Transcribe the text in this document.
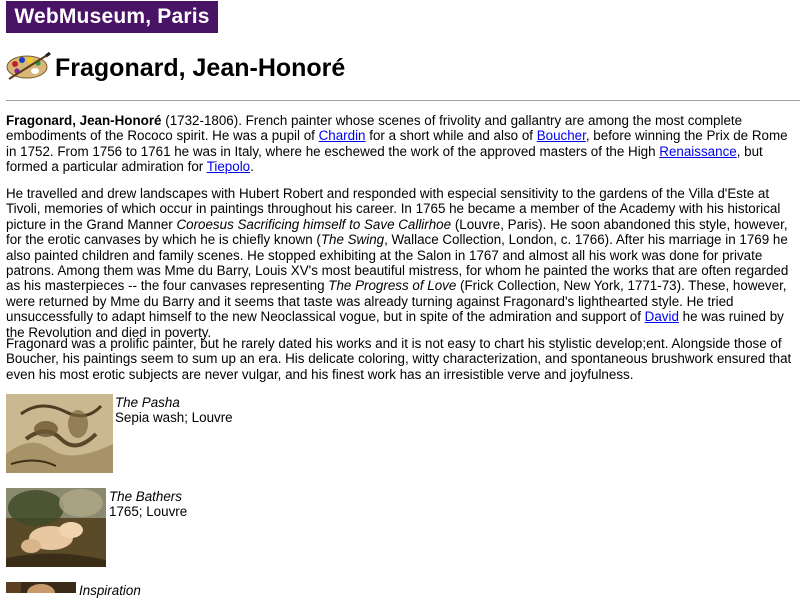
WebMuseum, Paris
Fragonard, Jean-Honoré

Fragonard, Jean-Honoré (1732-1806). French painter whose scenes of frivolity and gallantry are among the most complete embodiments of the Rococo spirit. He was a pupil of Chardin for a short while and also of Boucher, before winning the Prix de Rome in 1752. From 1756 to 1761 he was in Italy, where he eschewed the work of the approved masters of the High Renaissance, but formed a particular admiration for Tiepolo.

He travelled and drew landscapes with Hubert Robert and responded with especial sensitivity to the gardens of the Villa d'Este at Tivoli, memories of which occur in paintings throughout his career. In 1765 he became a member of the Academy with his historical picture in the Grand Manner Coroesus Sacrificing himself to Save Callirhoe (Louvre, Paris). He soon abandoned this style, however, for the erotic canvases by which he is chiefly known (The Swing, Wallace Collection, London, c. 1766). After his marriage in 1769 he also painted children and family scenes. He stopped exhibiting at the Salon in 1767 and almost all his work was done for private patrons. Among them was Mme du Barry, Louis XV's most beautiful mistress, for whom he painted the works that are often regarded as his masterpieces -- the four canvases representing The Progress of Love (Frick Collection, New York, 1771-73). These, however, were returned by Mme du Barry and it seems that taste was already turning against Fragonard's lighthearted style. He tried unsuccessfully to adapt himself to the new Neoclassical vogue, but in spite of the admiration and support of David he was ruined by the Revolution and died in poverty.

Fragonard was a prolific painter, but he rarely dated his works and it is not easy to chart his stylistic develop;ent. Alongside those of Boucher, his paintings seem to sum up an era. His delicate coloring, witty characterization, and spontaneous brushwork ensured that even his most erotic subjects are never vulgar, and his finest work has an irresistible verve and joyfulness.

The Pasha
Sepia wash; Louvre
The Bathers
1765; Louvre
Inspiration
